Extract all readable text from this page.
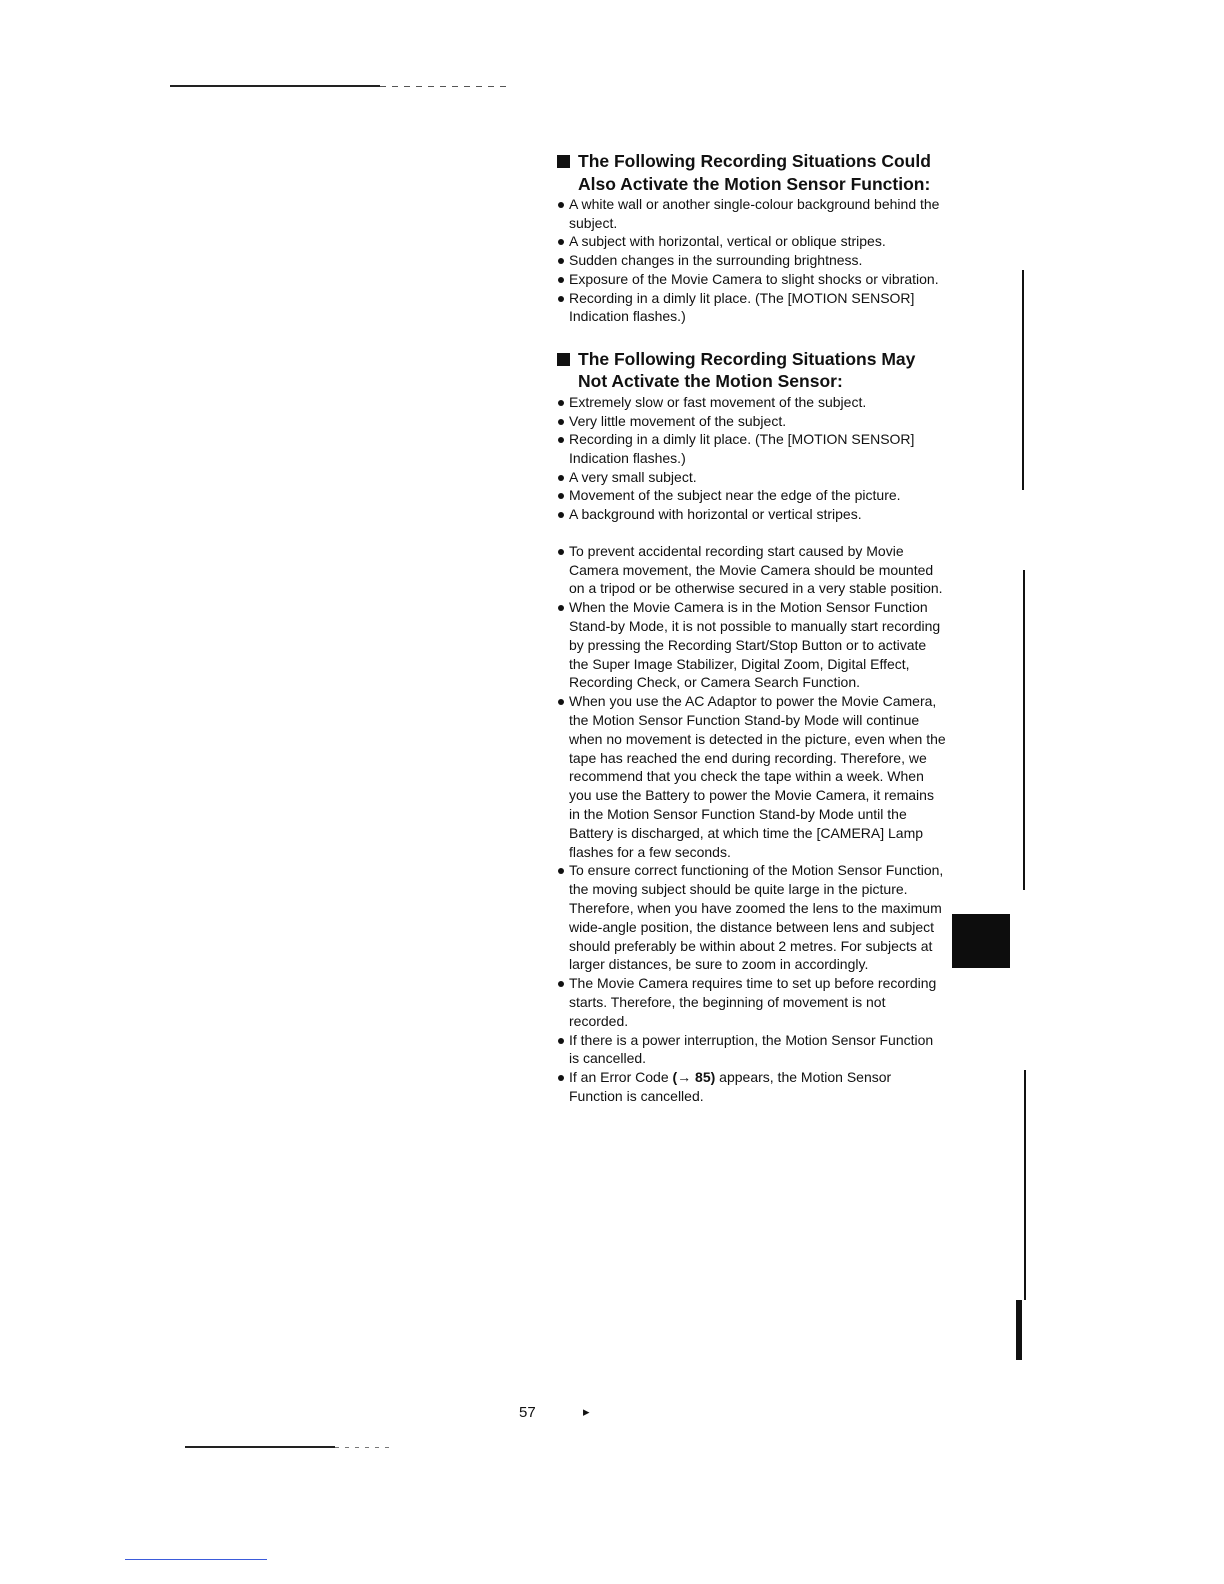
The Following Recording Situations Could Also Activate the Motion Sensor Function:
A white wall or another single-colour background behind the subject.
A subject with horizontal, vertical or oblique stripes.
Sudden changes in the surrounding brightness.
Exposure of the Movie Camera to slight shocks or vibration.
Recording in a dimly lit place. (The [MOTION SENSOR] Indication flashes.)
The Following Recording Situations May Not Activate the Motion Sensor:
Extremely slow or fast movement of the subject.
Very little movement of the subject.
Recording in a dimly lit place. (The [MOTION SENSOR] Indication flashes.)
A very small subject.
Movement of the subject near the edge of the picture.
A background with horizontal or vertical stripes.
To prevent accidental recording start caused by Movie Camera movement, the Movie Camera should be mounted on a tripod or be otherwise secured in a very stable position.
When the Movie Camera is in the Motion Sensor Function Stand-by Mode, it is not possible to manually start recording by pressing the Recording Start/Stop Button or to activate the Super Image Stabilizer, Digital Zoom, Digital Effect, Recording Check, or Camera Search Function.
When you use the AC Adaptor to power the Movie Camera, the Motion Sensor Function Stand-by Mode will continue when no movement is detected in the picture, even when the tape has reached the end during recording. Therefore, we recommend that you check the tape within a week. When you use the Battery to power the Movie Camera, it remains in the Motion Sensor Function Stand-by Mode until the Battery is discharged, at which time the [CAMERA] Lamp flashes for a few seconds.
To ensure correct functioning of the Motion Sensor Function, the moving subject should be quite large in the picture. Therefore, when you have zoomed the lens to the maximum wide-angle position, the distance between lens and subject should preferably be within about 2 metres. For subjects at larger distances, be sure to zoom in accordingly.
The Movie Camera requires time to set up before recording starts. Therefore, the beginning of movement is not recorded.
If there is a power interruption, the Motion Sensor Function is cancelled.
If an Error Code (→ 85) appears, the Motion Sensor Function is cancelled.
57	▸
